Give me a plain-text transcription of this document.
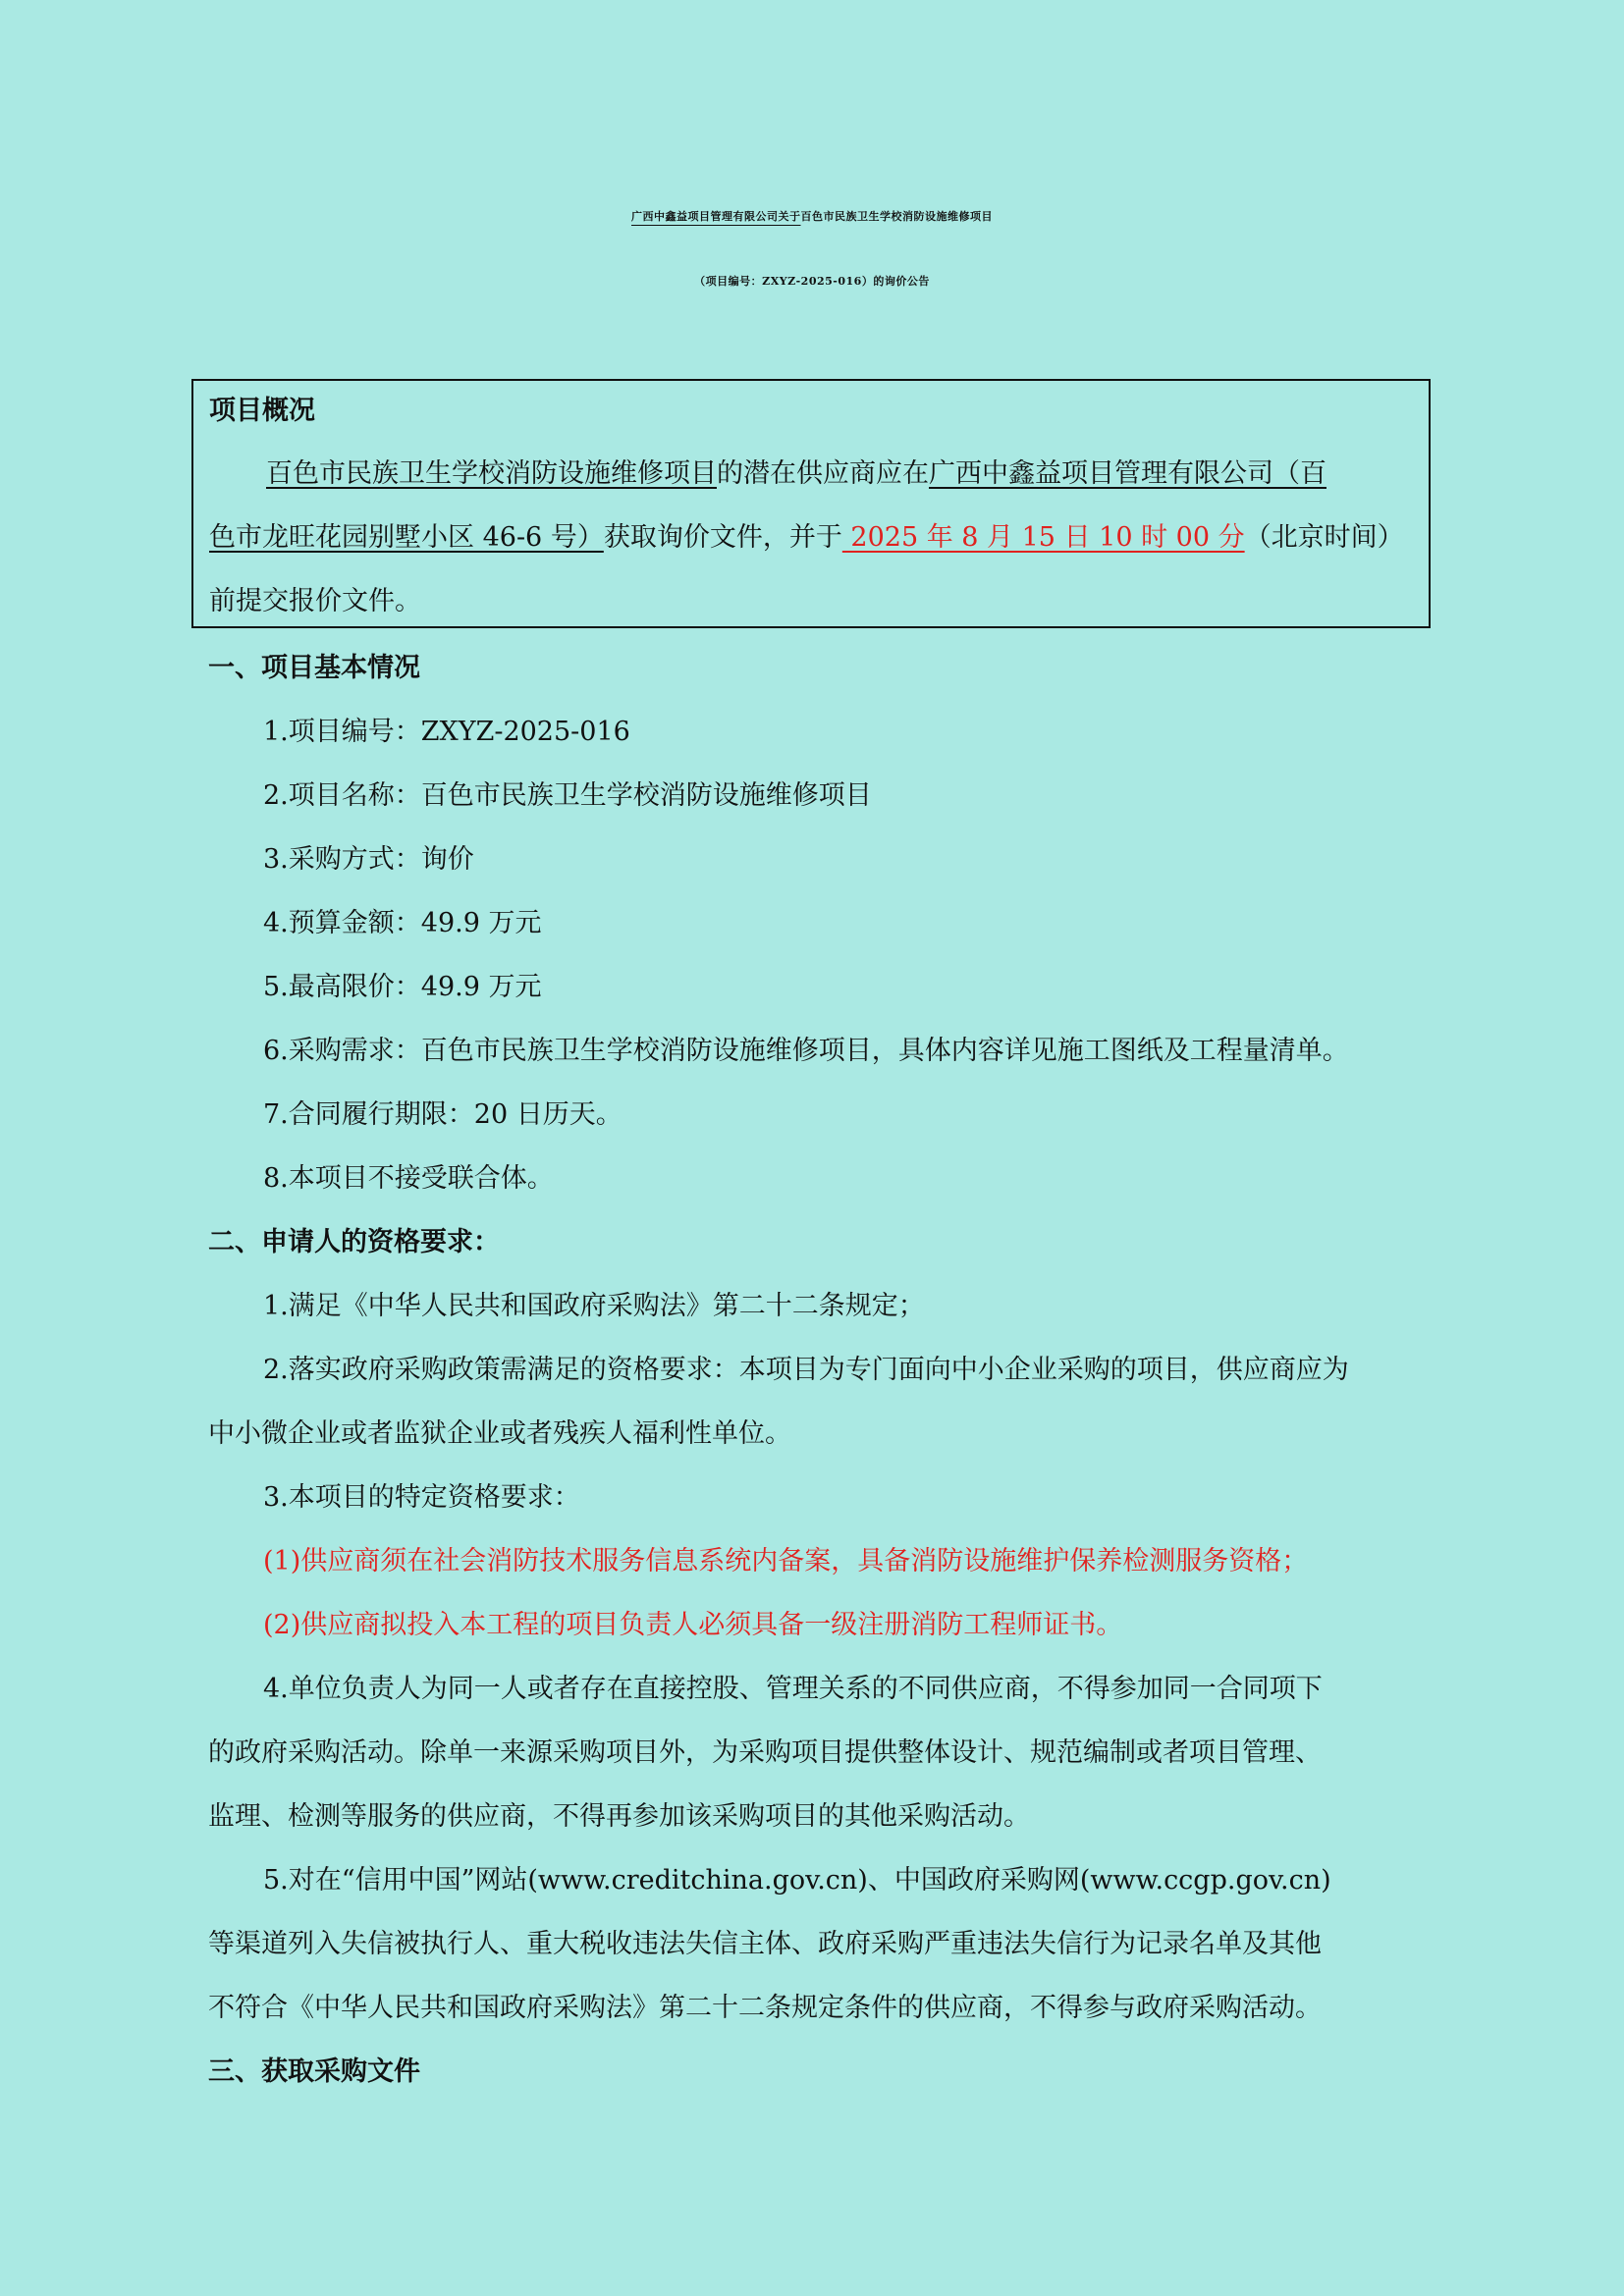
广西中鑫益项目管理有限公司关于百色市民族卫生学校消防设施维修项目
（项目编号：ZXYZ-2025-016）的询价公告
项目概况
百色市民族卫生学校消防设施维修项目的潜在供应商应在广西中鑫益项目管理有限公司（百
色市龙旺花园别墅小区 46-6 号）获取询价文件，并于 2025 年 8 月 15 日 10 时 00 分（北京时间）
前提交报价文件。
一、项目基本情况
1.项目编号：ZXYZ-2025-016
2.项目名称：百色市民族卫生学校消防设施维修项目
3.采购方式：询价
4.预算金额：49.9 万元
5.最高限价：49.9 万元
6.采购需求：百色市民族卫生学校消防设施维修项目，具体内容详见施工图纸及工程量清单。
7.合同履行期限：20 日历天。
8.本项目不接受联合体。
二、申请人的资格要求：
1.满足《中华人民共和国政府采购法》第二十二条规定；
2.落实政府采购政策需满足的资格要求：本项目为专门面向中小企业采购的项目，供应商应为
中小微企业或者监狱企业或者残疾人福利性单位。
3.本项目的特定资格要求：
(1)供应商须在社会消防技术服务信息系统内备案，具备消防设施维护保养检测服务资格；
(2)供应商拟投入本工程的项目负责人必须具备一级注册消防工程师证书。
4.单位负责人为同一人或者存在直接控股、管理关系的不同供应商，不得参加同一合同项下
的政府采购活动。除单一来源采购项目外，为采购项目提供整体设计、规范编制或者项目管理、
监理、检测等服务的供应商，不得再参加该采购项目的其他采购活动。
5.对在“信用中国”网站(www.creditchina.gov.cn)、中国政府采购网(www.ccgp.gov.cn)
等渠道列入失信被执行人、重大税收违法失信主体、政府采购严重违法失信行为记录名单及其他
不符合《中华人民共和国政府采购法》第二十二条规定条件的供应商，不得参与政府采购活动。
三、获取采购文件
